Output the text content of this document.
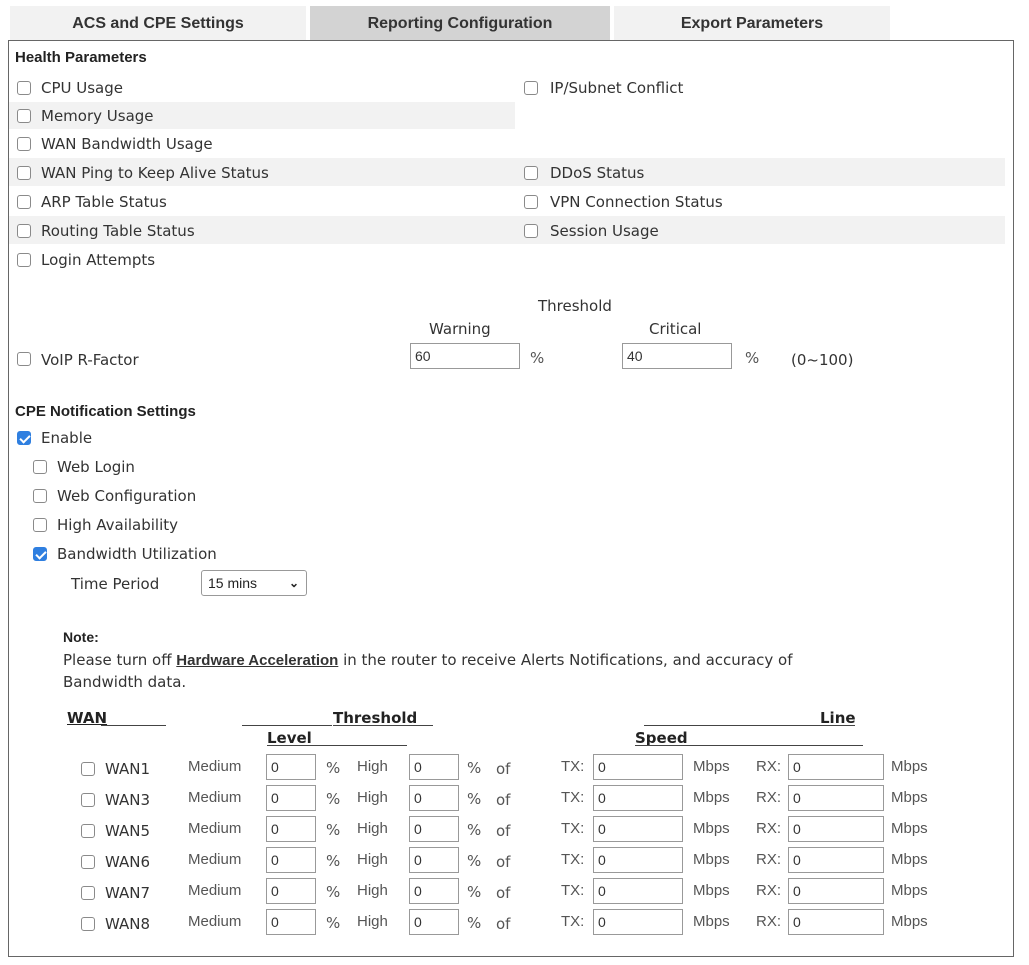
ACS and CPE Settings	Reporting Configuration	Export Parameters
Health Parameters
CPU Usage	IP/Subnet Conflict
Memory Usage
WAN Bandwidth Usage
WAN Ping to Keep Alive Status	DDoS Status
ARP Table Status	VPN Connection Status
Routing Table Status	Session Usage
Login Attempts
Threshold
Warning	Critical
VoIP R-Factor	60	%	40	% (0~100)
CPE Notification Settings
Enable
Web Login
Web Configuration
High Availability
Bandwidth Utilization
Time Period	15 mins	⌄
Note:
Please turn off Hardware Acceleration in the router to receive Alerts Notifications, and accuracy of
Bandwidth data.
WAN	Threshold
Level
Line
Speed
WAN1	Medium	0	% High	0	% of	TX: 0	Mbps RX: 0	Mbps
WAN3	Medium	0	% High	0	% of	TX: 0	Mbps RX: 0	Mbps
WAN5	Medium	0	% High	0	% of	TX: 0	Mbps RX: 0	Mbps
WAN6	Medium	0	% High	0	% of	TX: 0	Mbps RX: 0	Mbps
WAN7	Medium	0	% High	0	% of	TX: 0	Mbps RX: 0	Mbps
WAN8	Medium	0	% High	0	% of	TX: 0	Mbps RX: 0	Mbps
